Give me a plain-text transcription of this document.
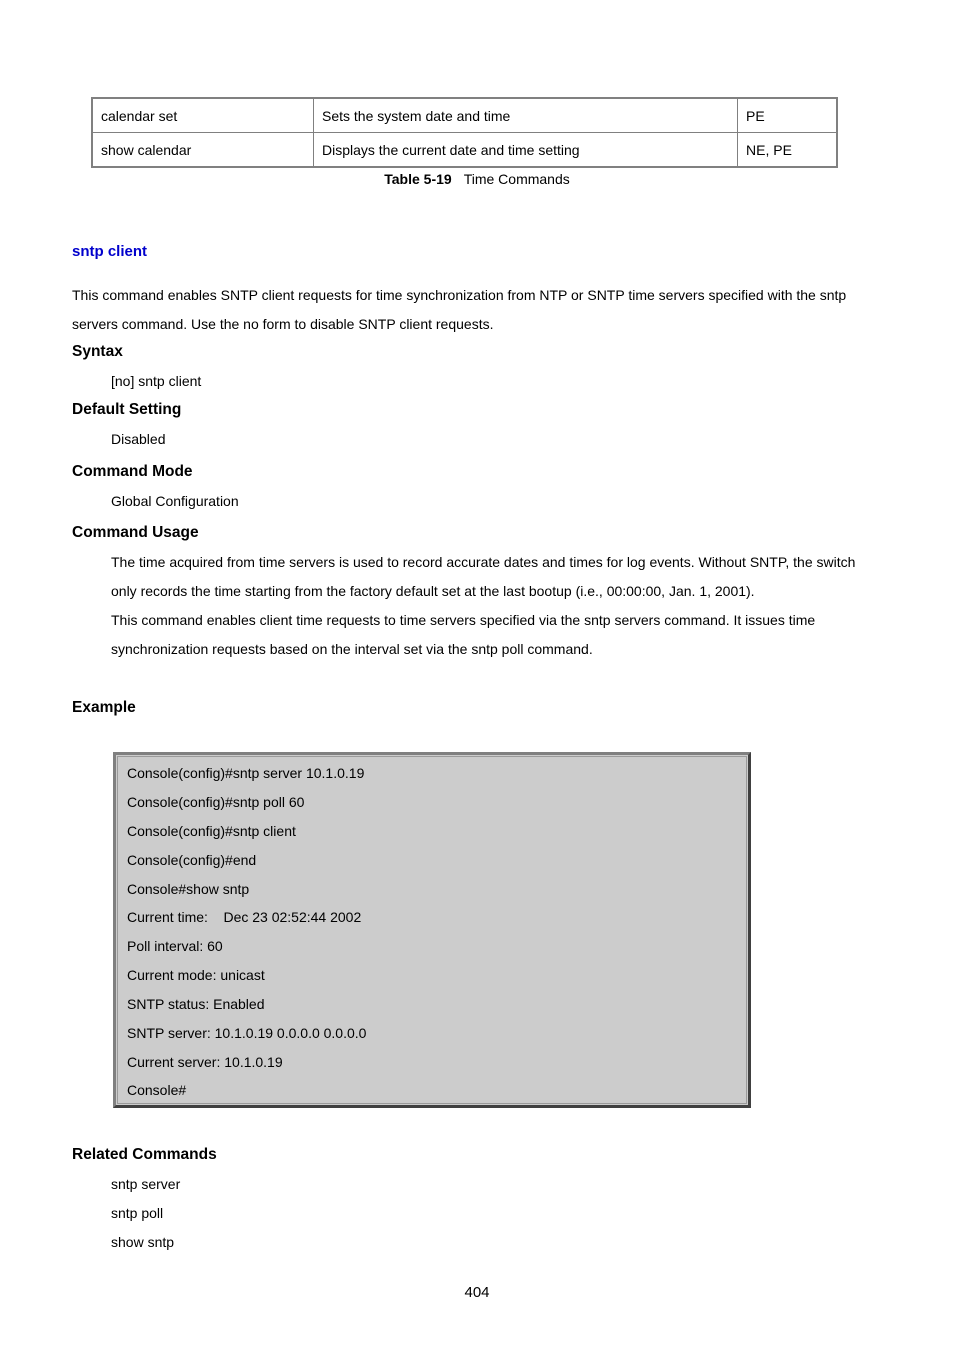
calendar set	Sets the system date and time	PE
show calendar	Displays the current date and time setting	NE, PE
Table 5-19 Time Commands
sntp client
This command enables SNTP client requests for time synchronization from NTP or SNTP time servers specified with the sntp
servers command. Use the no form to disable SNTP client requests.
Syntax
[no] sntp client
Default Setting
Disabled
Command Mode
Global Configuration
Command Usage
The time acquired from time servers is used to record accurate dates and times for log events. Without SNTP, the switch
only records the time starting from the factory default set at the last bootup (i.e., 00:00:00, Jan. 1, 2001).
This command enables client time requests to time servers specified via the sntp servers command. It issues time
synchronization requests based on the interval set via the sntp poll command.
Example
Console(config)#sntp server 10.1.0.19
Console(config)#sntp poll 60
Console(config)#sntp client
Console(config)#end
Console#show sntp
Current time:    Dec 23 02:52:44 2002
Poll interval: 60
Current mode: unicast
SNTP status: Enabled
SNTP server: 10.1.0.19 0.0.0.0 0.0.0.0
Current server: 10.1.0.19
Console#
Related Commands
sntp server
sntp poll
show sntp
404
